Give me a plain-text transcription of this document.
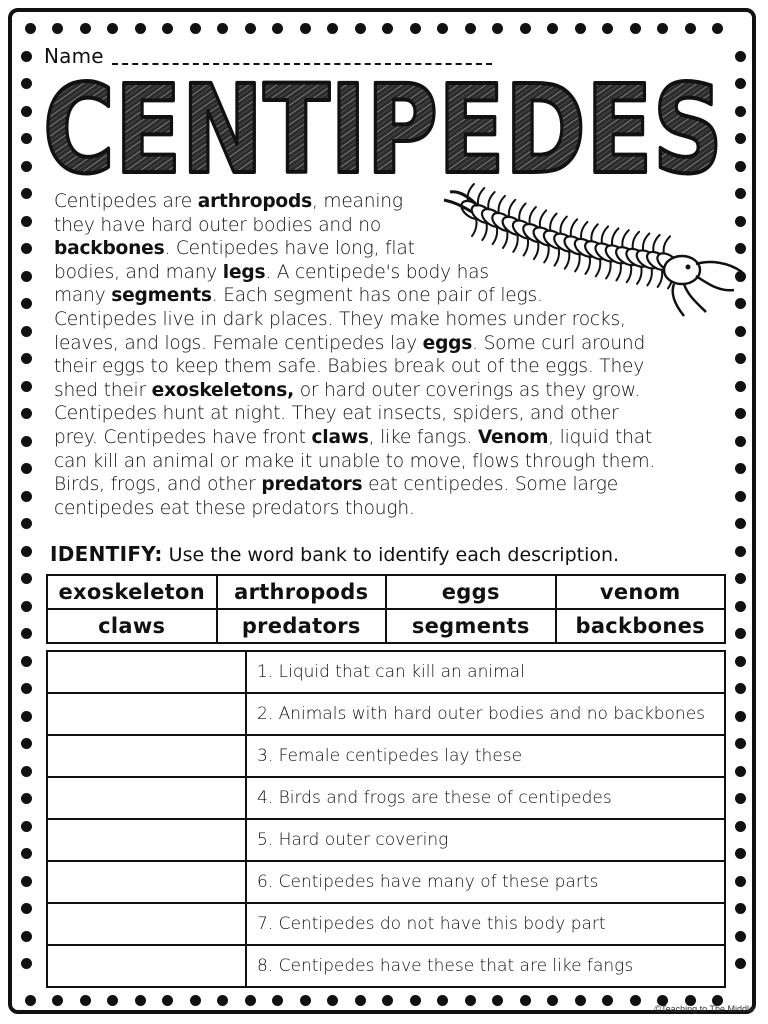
Name
CENTIPEDES
Centipedes are arthropods, meaning
they have hard outer bodies and no
backbones. Centipedes have long, flat
bodies, and many legs. A centipede's body has
many segments. Each segment has one pair of legs.
Centipedes live in dark places. They make homes under rocks,
leaves, and logs. Female centipedes lay eggs. Some curl around
their eggs to keep them safe. Babies break out of the eggs. They
shed their exoskeletons, or hard outer coverings as they grow.
Centipedes hunt at night. They eat insects, spiders, and other
prey. Centipedes have front claws, like fangs. Venom, liquid that
can kill an animal or make it unable to move, flows through them.
Birds, frogs, and other predators eat centipedes. Some large
centipedes eat these predators though.
IDENTIFY: Use the word bank to identify each description.
exoskeleton	arthropods	eggs	venom
claws	predators	segments	backbones
	1. Liquid that can kill an animal
	2. Animals with hard outer bodies and no backbones
	3. Female centipedes lay these
	4. Birds and frogs are these of centipedes
	5. Hard outer covering
	6. Centipedes have many of these parts
	7. Centipedes do not have this body part
	8. Centipedes have these that are like fangs
©Teaching to The Middle
